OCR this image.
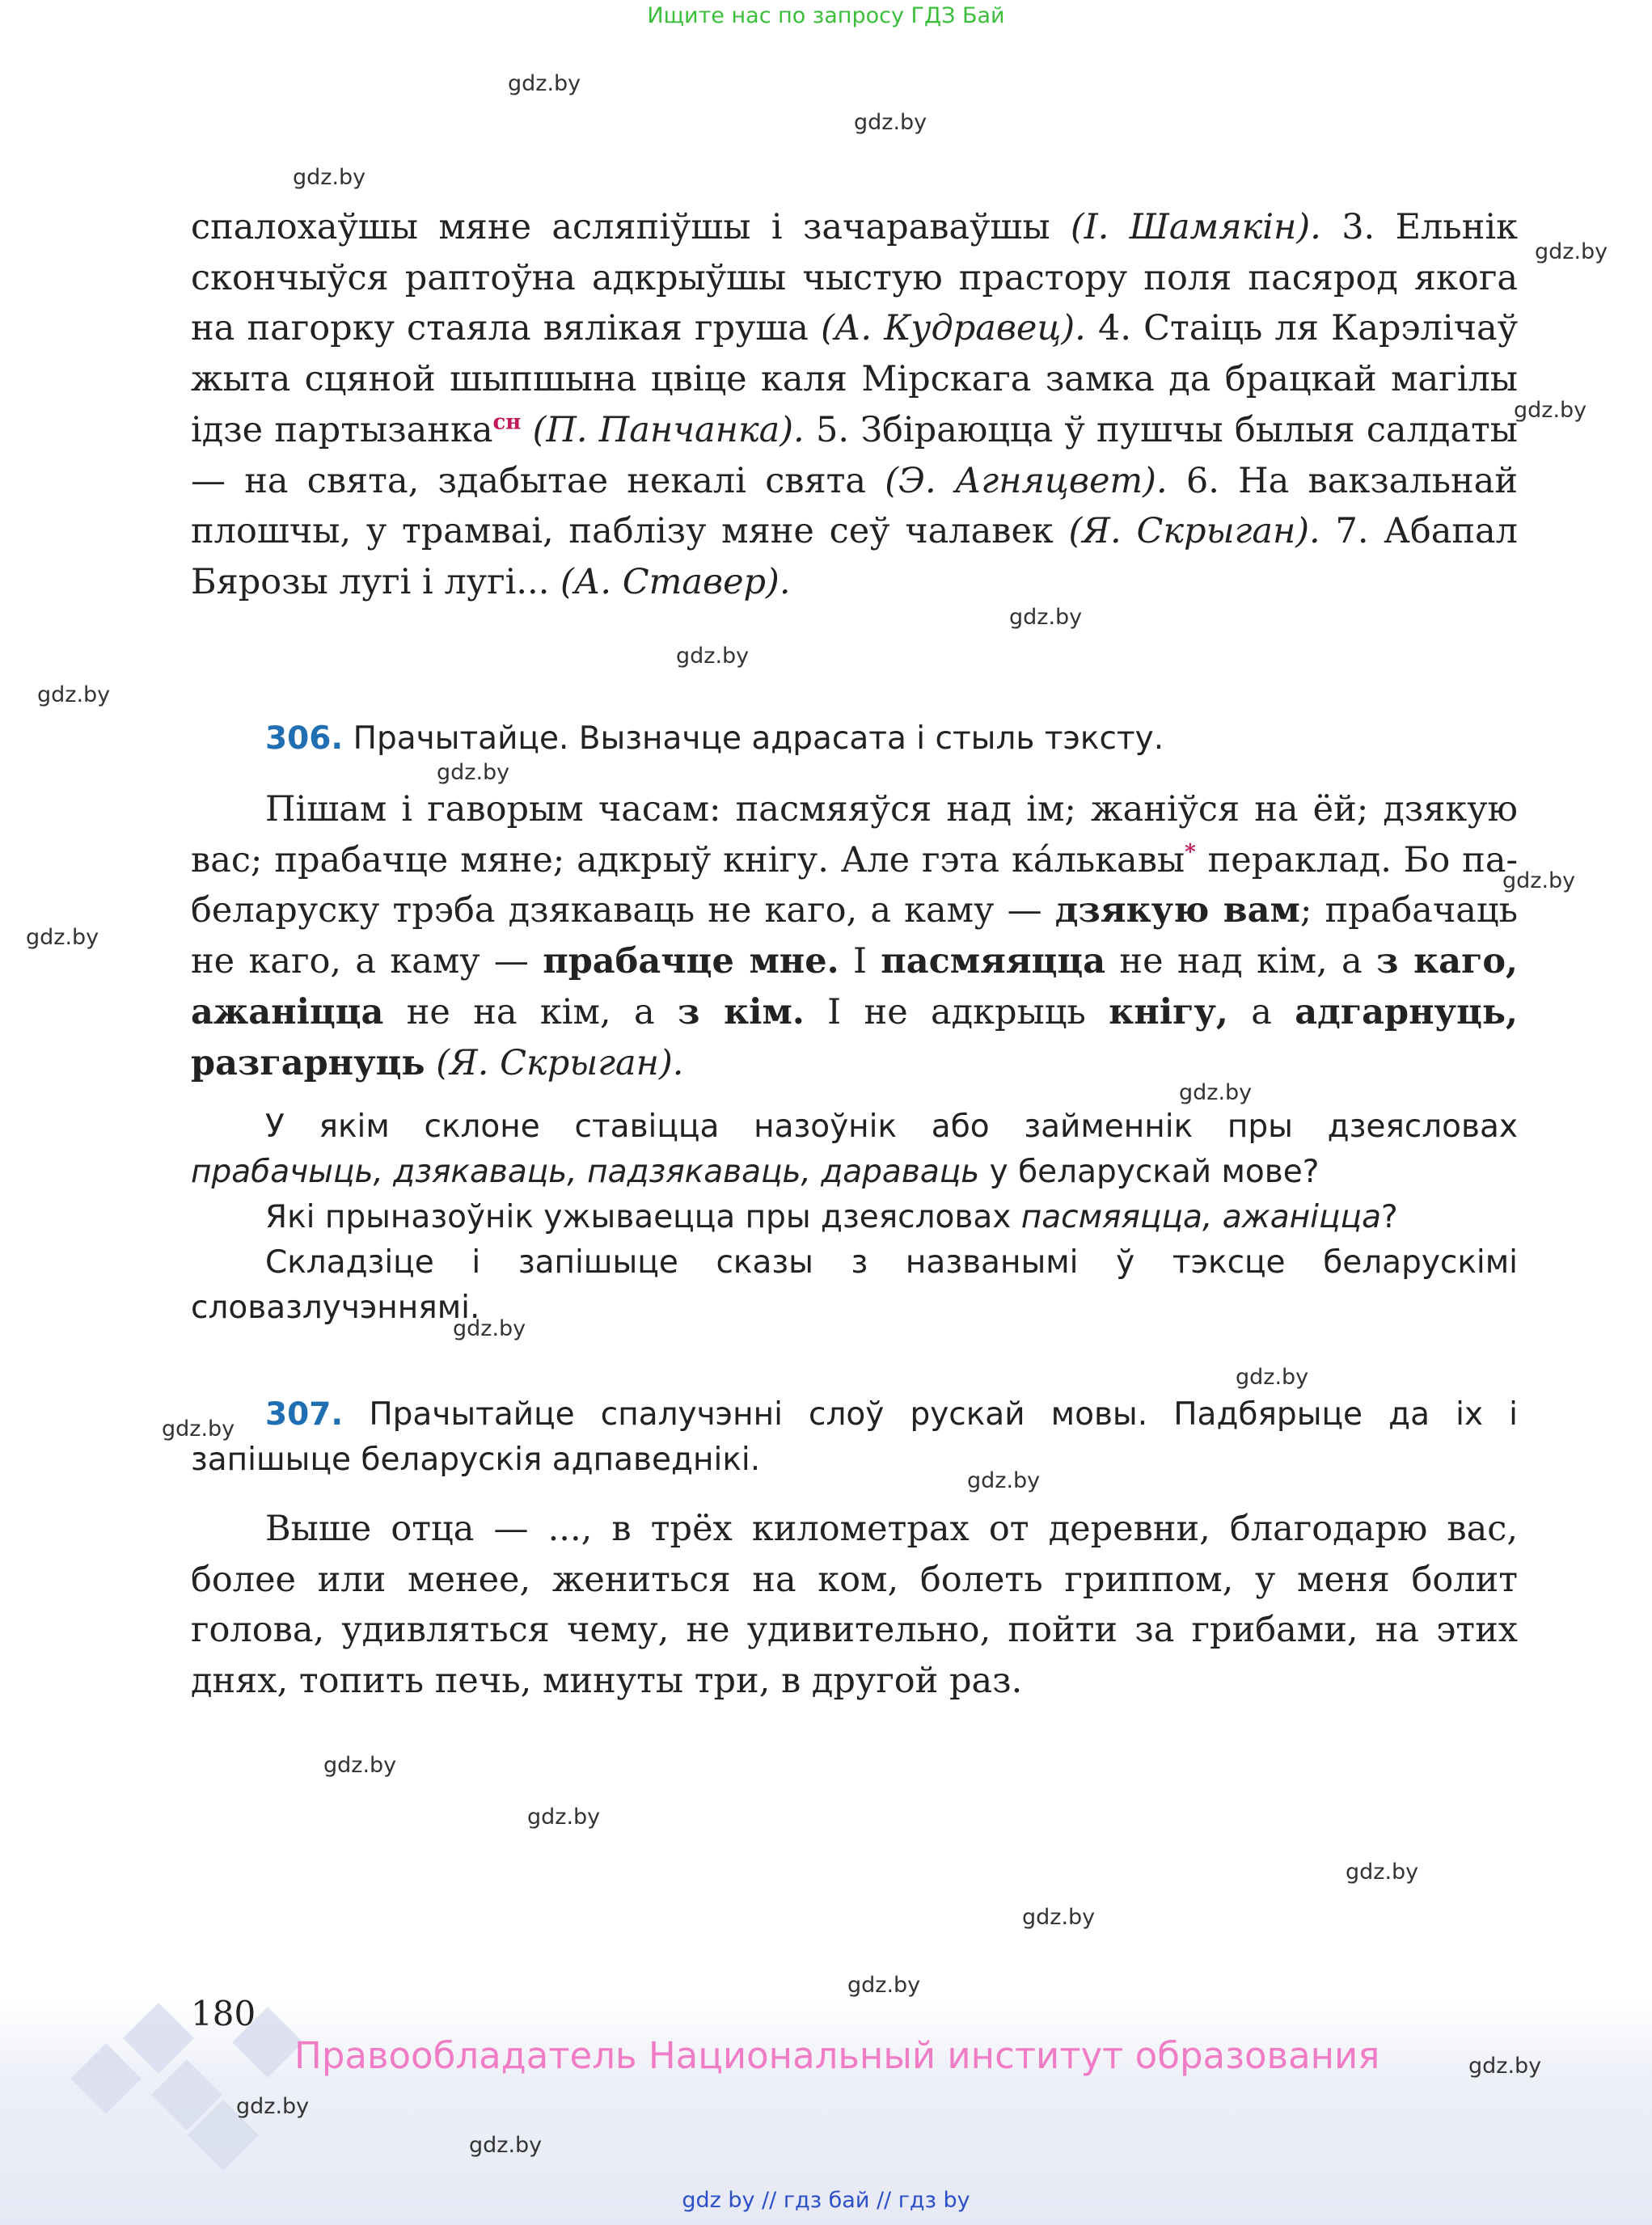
Ищите нас по запросу ГДЗ Бай
gdz.by
gdz.by
gdz.by
gdz.by
gdz.by
gdz.by
gdz.by
gdz.by
gdz.by
gdz.by
gdz.by
gdz.by
gdz.by
gdz.by
gdz.by
gdz.by
gdz.by
gdz.by
gdz.by
gdz.by
gdz.by
gdz.by
gdz.by
gdz.by
спалохаўшы мяне асляпіўшы і зачараваўшы (І. Шамякін). 3. Ельнік скончыўся раптоўна адкрыўшы чыстую прастору поля пасярод якога на пагорку стаяла вялікая груша (А. Кудравец). 4. Стаіць ля Карэлічаў жыта сцяной шыпшына цвіце каля Мірскага замка да брацкай магілы ідзе партызанка$^{сн}$ (П. Панчанка). 5. Збіраюцца ў пушчы былыя салдаты — на свята, здабытае некалі свята (Э. Агняцвет). 6. На вакзальнай плошчы, у трамваі, паблізу мяне сеў чалавек (Я. Скрыган). 7. Абапал Бярозы лугі і лугі... (А. Ставер).
306. Прачытайце. Вызначце адрасата і стыль тэксту.
Пішам і гаворым часам: пасмяяўся над ім; жаніўся на ёй; дзякую вас; прабачце мяне; адкрыў кнігу. Але гэта ка́лькавы* пераклад. Бо па-беларуску трэба дзякаваць не каго, а каму — дзякую вам; прабачаць не каго, а каму — прабачце мне. І пасмяяцца не над кім, а з каго, ажаніцца не на кім, а з кім. І не адкрыць кнігу, а адгарнуць, разгарнуць (Я. Скрыган).
У якім склоне ставіцца назоўнік або займеннік пры дзеясловах прабачыць, дзякаваць, падзякаваць, дараваць у беларускай мове?
Які прыназоўнік ужываецца пры дзеясловах пасмяяцца, ажаніцца?
Складзіце і запішыце сказы з названымі ў тэксце беларускімі словазлучэннямі.
307. Прачытайце спалучэнні слоў рускай мовы. Падбярыце да іх і запішыце беларускія адпаведнікі.
Выше отца — ..., в трёх километрах от деревни, благодарю вас, более или менее, жениться на ком, болеть гриппом, у меня болит голова, удивляться чему, не удивительно, пойти за грибами, на этих днях, топить печь, минуты три, в другой раз.
180
Правообладатель Национальный институт образования
gdz by // гдз бай // гдз by
